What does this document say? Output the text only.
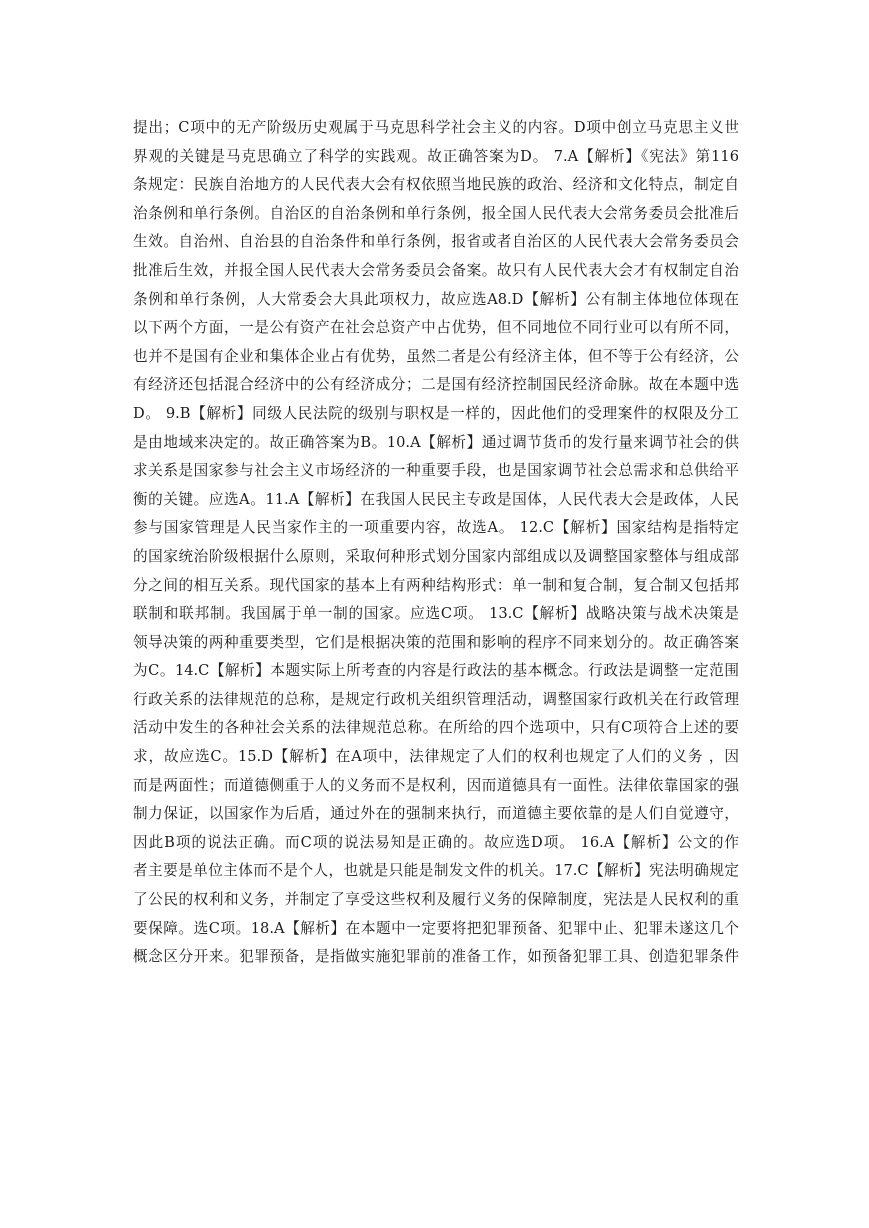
提出；C项中的无产阶级历史观属于马克思科学社会主义的内容。D项中创立马克思主义世
界观的关键是马克思确立了科学的实践观。故正确答案为D。 7.A【解析】《宪法》第116
条规定：民族自治地方的人民代表大会有权依照当地民族的政治、经济和文化特点，制定自
治条例和单行条例。自治区的自治条例和单行条例，报全国人民代表大会常务委员会批准后
生效。自治州、自治县的自治条件和单行条例，报省或者自治区的人民代表大会常务委员会
批准后生效，并报全国人民代表大会常务委员会备案。故只有人民代表大会才有权制定自治
条例和单行条例，人大常委会大具此项权力，故应选A8.D【解析】公有制主体地位体现在
以下两个方面，一是公有资产在社会总资产中占优势，但不同地位不同行业可以有所不同，
也并不是国有企业和集体企业占有优势，虽然二者是公有经济主体，但不等于公有经济，公
有经济还包括混合经济中的公有经济成分；二是国有经济控制国民经济命脉。故在本题中选
D。 9.B【解析】同级人民法院的级别与职权是一样的，因此他们的受理案件的权限及分工
是由地域来决定的。故正确答案为B。10.A【解析】通过调节货币的发行量来调节社会的供
求关系是国家参与社会主义市场经济的一种重要手段，也是国家调节社会总需求和总供给平
衡的关键。应选A。11.A【解析】在我国人民民主专政是国体，人民代表大会是政体，人民
参与国家管理是人民当家作主的一项重要内容，故选A。 12.C【解析】国家结构是指特定
的国家统治阶级根据什么原则，采取何种形式划分国家内部组成以及调整国家整体与组成部
分之间的相互关系。现代国家的基本上有两种结构形式：单一制和复合制，复合制又包括邦
联制和联邦制。我国属于单一制的国家。应选C项。 13.C【解析】战略决策与战术决策是
领导决策的两种重要类型，它们是根据决策的范围和影响的程序不同来划分的。故正确答案
为C。14.C【解析】本题实际上所考查的内容是行政法的基本概念。行政法是调整一定范围
行政关系的法律规范的总称，是规定行政机关组织管理活动，调整国家行政机关在行政管理
活动中发生的各种社会关系的法律规范总称。在所给的四个选项中，只有C项符合上述的要
求，故应选C。15.D【解析】在A项中，法律规定了人们的权利也规定了人们的义务 ，因
而是两面性；而道德侧重于人的义务而不是权利，因而道德具有一面性。法律依靠国家的强
制力保证，以国家作为后盾，通过外在的强制来执行，而道德主要依靠的是人们自觉遵守，
因此B项的说法正确。而C项的说法易知是正确的。故应选D项。 16.A【解析】公文的作
者主要是单位主体而不是个人，也就是只能是制发文件的机关。17.C【解析】宪法明确规定
了公民的权利和义务，并制定了享受这些权利及履行义务的保障制度，宪法是人民权利的重
要保障。选C项。18.A【解析】在本题中一定要将把犯罪预备、犯罪中止、犯罪未遂这几个
概念区分开来。犯罪预备，是指做实施犯罪前的准备工作，如预备犯罪工具、创造犯罪条件
